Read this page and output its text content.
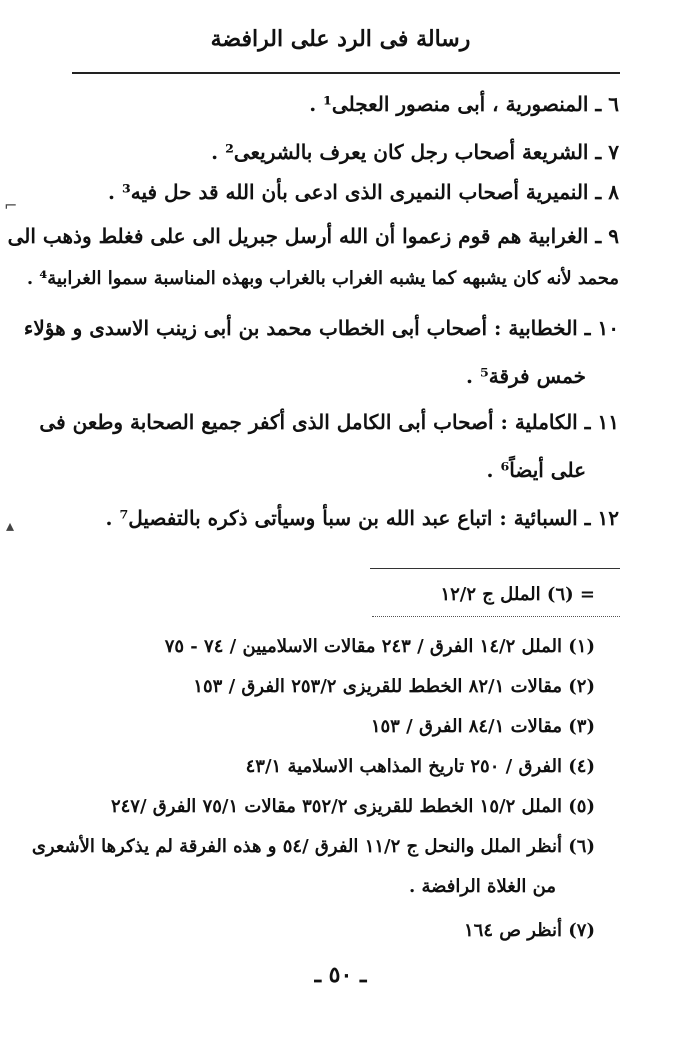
رسالة فى الرد على الرافضة
٦ ـ المنصورية ، أبى منصور العجلى¹ .
٧ ـ الشريعة أصحاب رجل كان يعرف بالشريعى² .
٨ ـ النميرية أصحاب النميرى الذى ادعى بأن الله قد حل فيه³ .
٩ ـ الغرابية هم قوم زعموا أن الله أرسل جبريل الى على فغلط وذهب الى
محمد لأنه كان يشبهه كما يشبه الغراب بالغراب وبهذه المناسبة سموا الغرابية⁴ .
١٠ ـ الخطابية : أصحاب أبى الخطاب محمد بن أبى زينب الاسدى و هؤلاء
خمس فرقة⁵ .
١١ ـ الكاملية : أصحاب أبى الكامل الذى أكفر جميع الصحابة وطعن فى
على أيضاً⁶ .
١٢ ـ السبائية : اتباع عبد الله بن سبأ وسيأتى ذكره بالتفصيل⁷ .
= (٦) الملل ج ١٢/٢
(١) الملل ١٤/٢ الفرق / ٢٤٣ مقالات الاسلاميين / ٧٤ - ٧٥
(٢) مقالات ٨٢/١ الخطط للقريزى ٢٥٣/٢ الفرق / ١٥٣
(٣) مقالات ٨٤/١ الفرق / ١٥٣
(٤) الفرق / ٢٥٠ تاريخ المذاهب الاسلامية ٤٣/١
(٥) الملل ١٥/٢ الخطط للقريزى ٣٥٢/٢ مقالات ٧٥/١ الفرق /٢٤٧
(٦) أنظر الملل والنحل ج ١١/٢ الفرق /٥٤ و هذه الفرقة لم يذكرها الأشعرى
من الغلاة الرافضة .
(٧) أنظر ص ١٦٤
ـ ٥٠ ـ
⌐
▴
